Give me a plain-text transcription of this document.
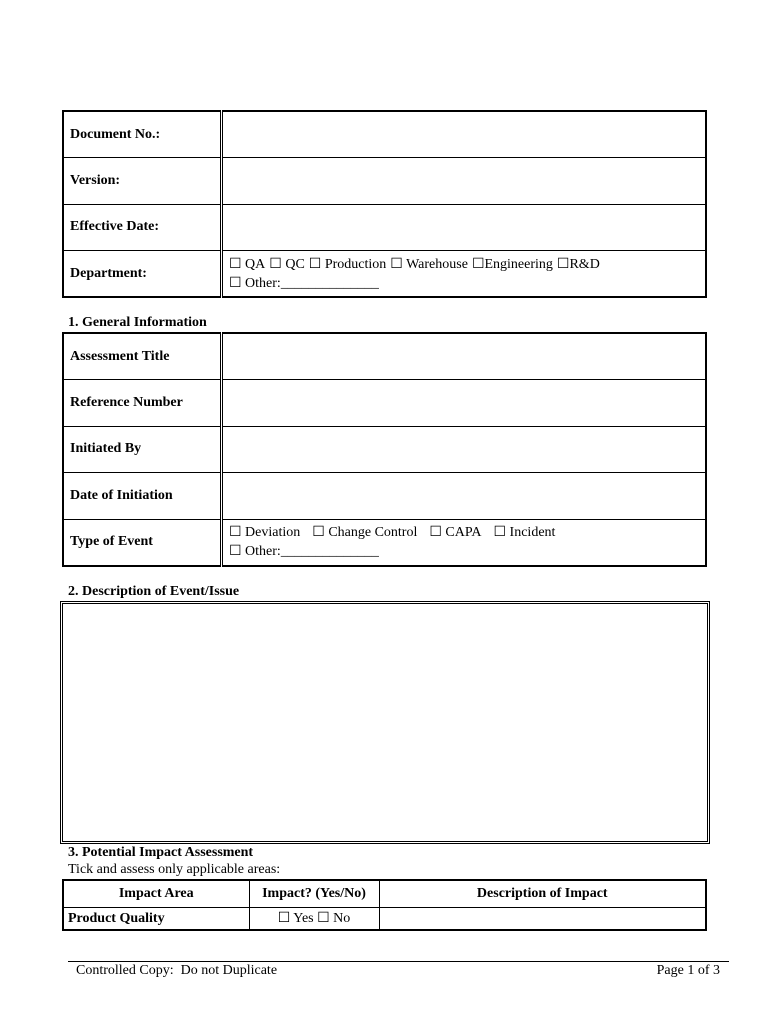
Document No.:	
Version:	
Effective Date:	
Department:	☐ QA ☐ QC ☐ Production ☐ Warehouse ☐Engineering ☐R&D
☐ Other:______________
1. General Information
Assessment Title	
Reference Number	
Initiated By	
Date of Initiation	
Type of Event	☐ Deviation ☐ Change Control ☐ CAPA ☐ Incident
☐ Other:______________
2. Description of Event/Issue
3. Potential Impact Assessment
Tick and assess only applicable areas:
Impact Area	Impact? (Yes/No)	Description of Impact
Product Quality	☐ Yes ☐ No	
Controlled Copy:  Do not Duplicate	Page 1 of 3
